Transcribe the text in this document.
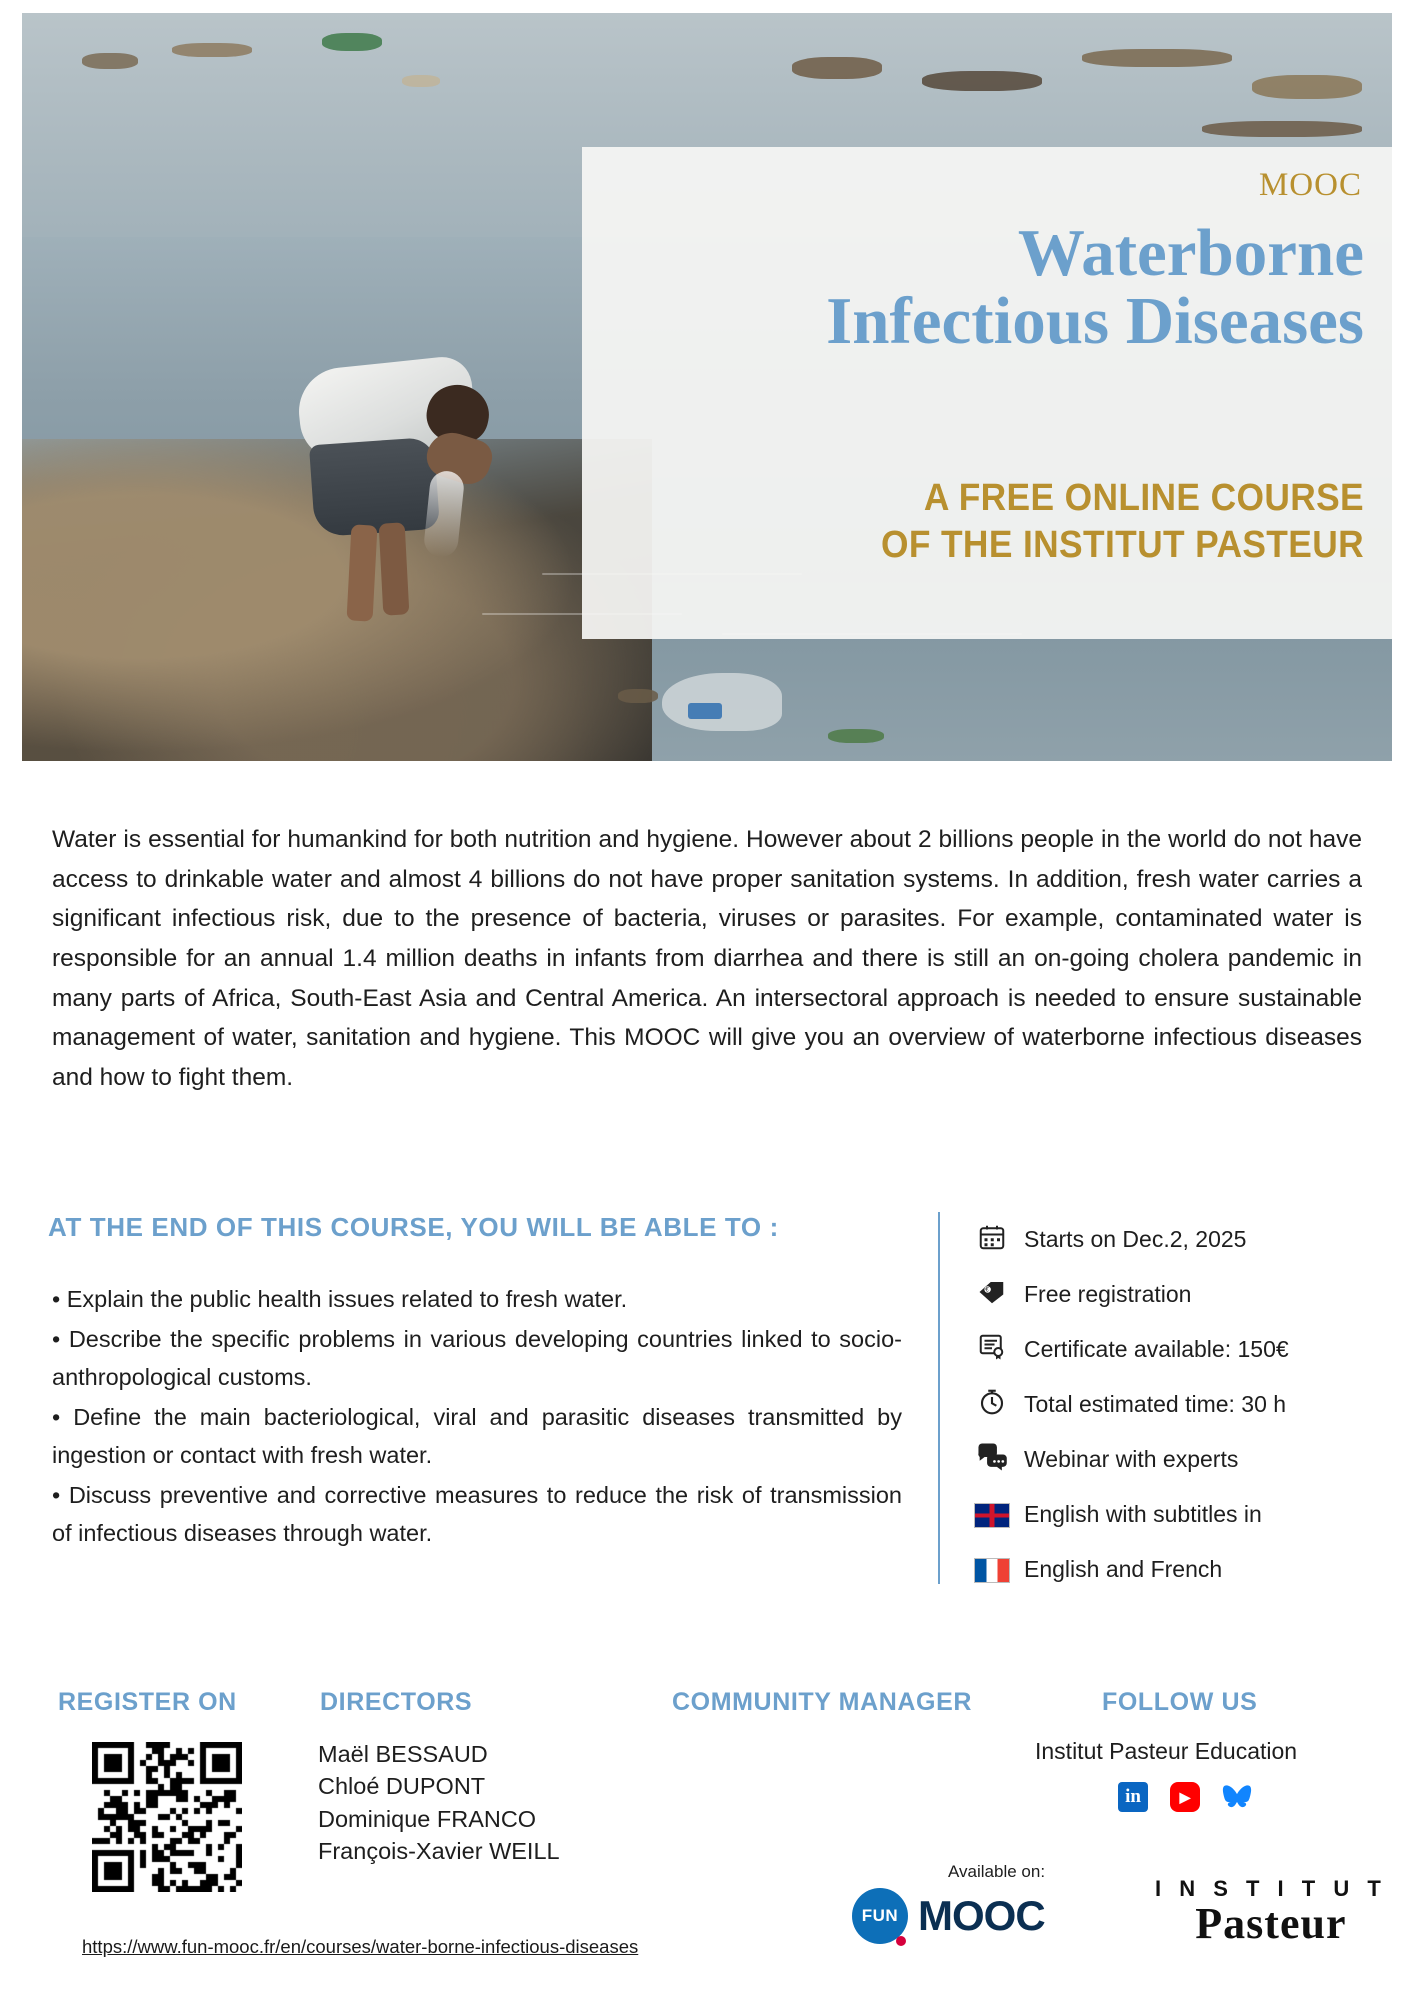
MOOC
Waterborne
Infectious Diseases
A FREE ONLINE COURSE
OF THE INSTITUT PASTEUR
Water is essential for humankind for both nutrition and hygiene. However about 2 billions people in the world do not have access to drinkable water and almost 4 billions do not have proper sanitation systems. In addition, fresh water carries a significant infectious risk, due to the presence of bacteria, viruses or parasites. For example, contaminated water is responsible for an annual 1.4 million deaths in infants from diarrhea and there is still an on-going cholera pandemic in many parts of Africa, South-East Asia and Central America. An intersectoral approach is needed to ensure sustainable management of water, sanitation and hygiene. This MOOC will give you an overview of waterborne infectious diseases and how to fight them.
AT THE END OF THIS COURSE, YOU WILL BE ABLE TO :

• Explain the public health issues related to fresh water.

• Describe the specific problems in various developing countries linked to socio-anthropological customs.

• Define the main bacteriological, viral and parasitic diseases transmitted by ingestion or contact with fresh water.

• Discuss preventive and corrective measures to reduce the risk of transmission of infectious diseases through water.

Starts on Dec.2, 2025
€ Free registration
Certificate available: 150€
Total estimated time: 30 h
Webinar with experts
English with subtitles in
English and French
REGISTER ON	DIRECTORS	COMMUNITY MANAGER	FOLLOW US
Maël BESSAUD
Chloé DUPONT
Dominique FRANCO
François-Xavier WEILL
https://www.fun-mooc.fr/en/courses/water-borne-infectious-diseases
Institut Pasteur Education
in	▶
Available on:
FUN MOOC
I N S T I T U T
Pasteur
